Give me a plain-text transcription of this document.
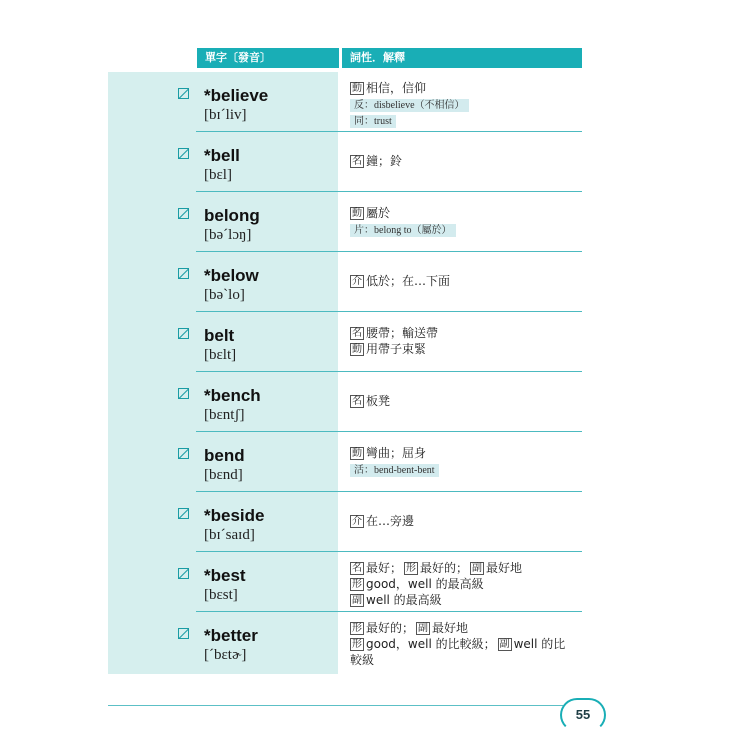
單字〔發音〕	詞性．解釋
*believe
[bɪˊliv]
動 相信，信仰
反：disbelieve（不相信）
同：trust
*bell
[bɛl]
名 鐘；鈴
belong
[bəˊlɔŋ]
動 屬於
片：belong to（屬於）
*below
[bəˋlo]
介 低於；在…下面
belt
[bɛlt]
名 腰帶；輸送帶
動 用帶子束緊
*bench
[bɛntʃ]
名 板凳
bend
[bɛnd]
動 彎曲；屈身
活：bend-bent-bent
*beside
[bɪˊsaɪd]
介 在…旁邊
*best
[bɛst]
名 最好； 形 最好的； 副 最好地
形 good，well 的最高級
副 well 的最高級
*better
[ˊbɛtɚ]
形 最好的； 副 最好地
形 good，well 的比較級； 副 well 的比
較級
55
